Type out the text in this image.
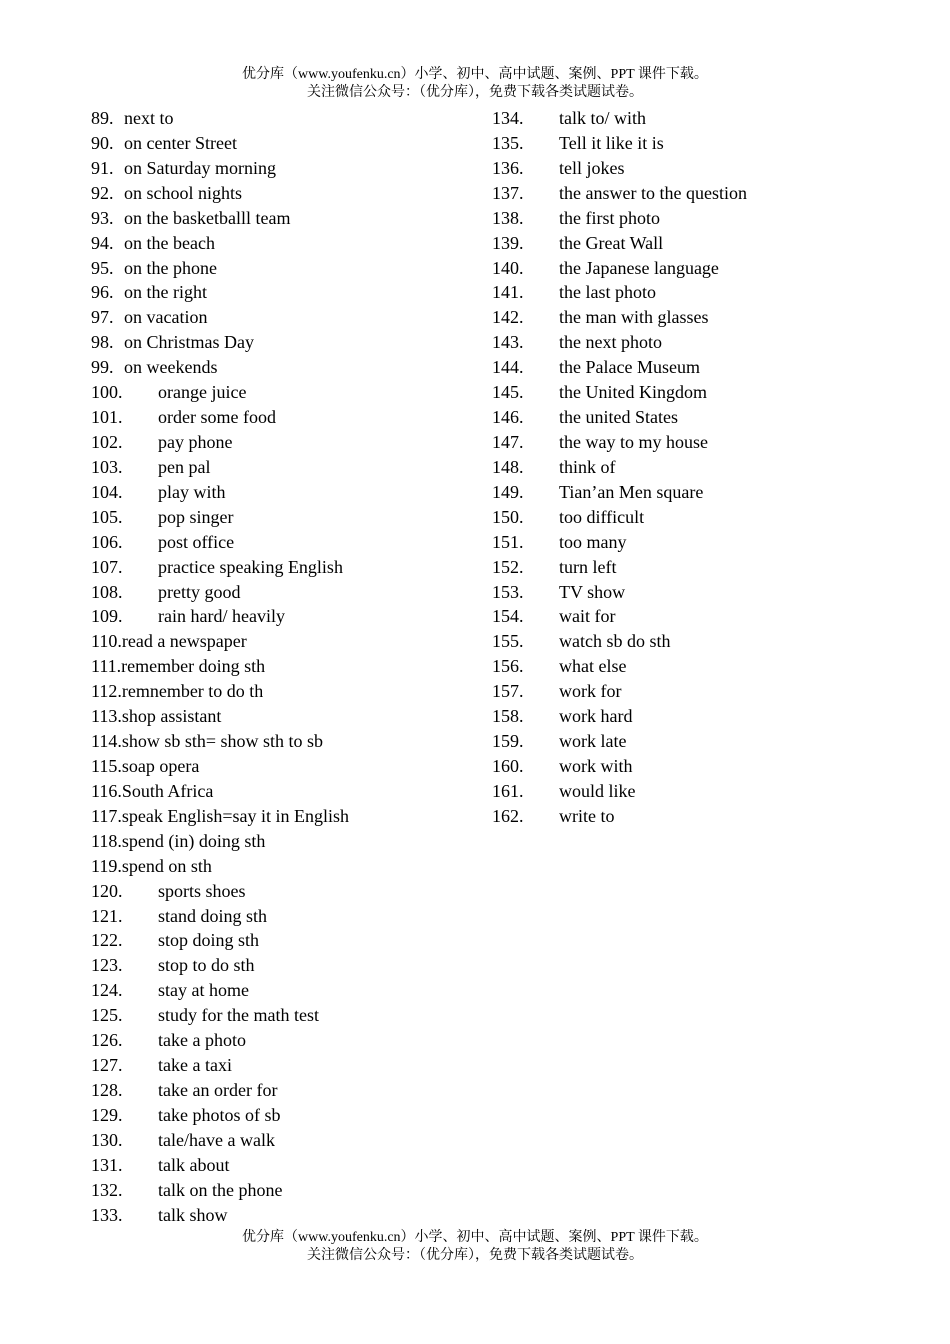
优分库（www.youfenku.cn）小学、初中、高中试题、案例、PPT 课件下载。
关注微信公众号：（优分库），免费下载各类试题试卷。
89. next to
90. on center Street
91. on Saturday morning
92. on school nights
93. on the basketballl team
94. on the beach
95. on the phone
96. on the right
97. on vacation
98. on Christmas Day
99. on weekends
100.	orange juice
101.	order some food
102.	pay phone
103.	pen pal
104.	play with
105.	pop singer
106.	post office
107.	practice speaking English
108.	pretty good
109.	rain hard/ heavily
110. read a newspaper
111. remember doing sth
112. remnember to do th
113. shop assistant
114. show sb sth= show sth to sb
115. soap opera
116. South Africa
117. speak English=say it in English
118. spend (in) doing sth
119. spend on sth
120.	sports shoes
121.	stand doing sth
122.	stop doing sth
123.	stop to do sth
124.	stay at home
125.	study for the math test
126.	take a photo
127.	take a taxi
128.	take an order for
129.	take photos of sb
130.	tale/have a walk
131.	talk about
132.	talk on the phone
133.	talk show
134.	talk to/ with
135.	Tell it like it is
136.	tell jokes
137.	the answer to the question
138.	the first photo
139.	the Great Wall
140.	the Japanese language
141.	the last photo
142.	the man with glasses
143.	the next photo
144.	the Palace Museum
145.	the United Kingdom
146.	the united States
147.	the way to my house
148.	think of
149.	Tian’an Men square
150.	too difficult
151.	too many
152.	turn left
153.	TV show
154.	wait for
155.	watch sb do sth
156.	what else
157.	work for
158.	work hard
159.	work late
160.	work with
161.	would like
162.	write to
优分库（www.youfenku.cn）小学、初中、高中试题、案例、PPT 课件下载。
关注微信公众号：（优分库），免费下载各类试题试卷。
